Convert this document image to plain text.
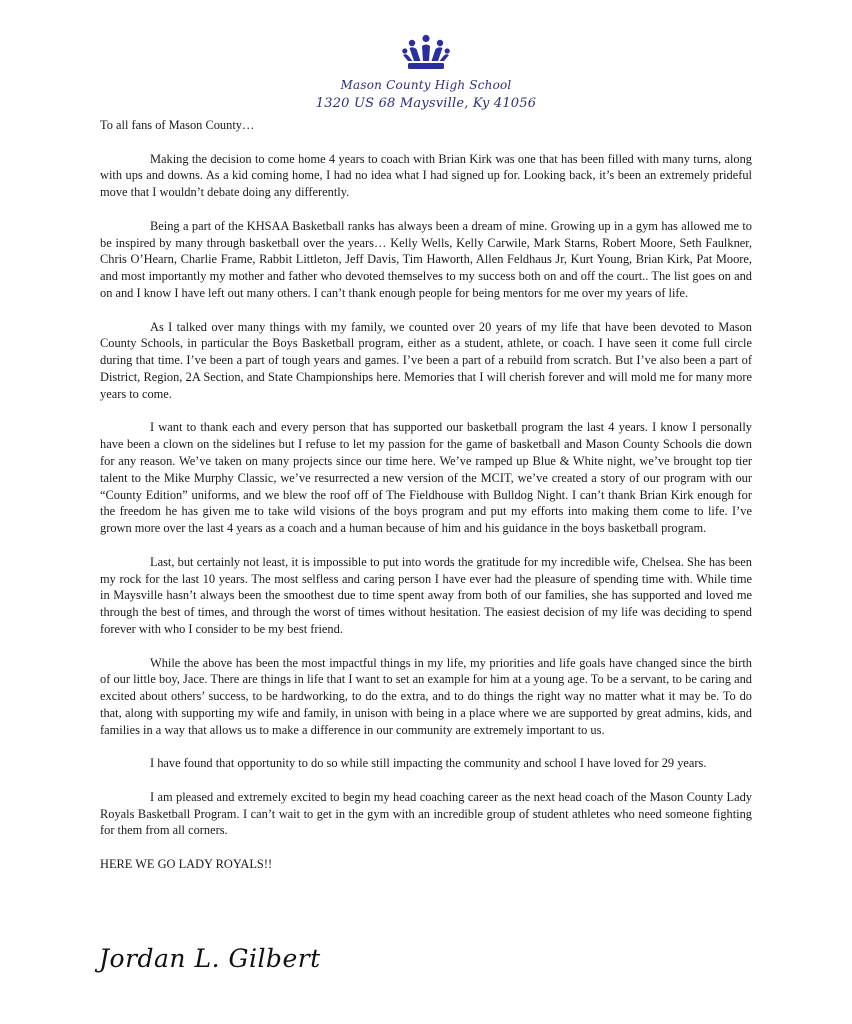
Mason County High School
1320 US 68 Maysville, Ky 41056

To all fans of Mason County…

Making the decision to come home 4 years to coach with Brian Kirk was one that has been filled with many turns, along with ups and downs. As a kid coming home, I had no idea what I had signed up for. Looking back, it’s been an extremely prideful move that I wouldn’t debate doing any differently.

Being a part of the KHSAA Basketball ranks has always been a dream of mine. Growing up in a gym has allowed me to be inspired by many through basketball over the years… Kelly Wells, Kelly Carwile, Mark Starns, Robert Moore, Seth Faulkner, Chris O’Hearn, Charlie Frame, Rabbit Littleton, Jeff Davis, Tim Haworth, Allen Feldhaus Jr, Kurt Young, Brian Kirk, Pat Moore, and most importantly my mother and father who devoted themselves to my success both on and off the court.. The list goes on and on and I know I have left out many others. I can’t thank enough people for being mentors for me over my years of life.

As I talked over many things with my family, we counted over 20 years of my life that have been devoted to Mason County Schools, in particular the Boys Basketball program, either as a student, athlete, or coach. I have seen it come full circle during that time. I’ve been a part of tough years and games. I’ve been a part of a rebuild from scratch. But I’ve also been a part of District, Region, 2A Section, and State Championships here. Memories that I will cherish forever and will mold me for many more years to come.

I want to thank each and every person that has supported our basketball program the last 4 years. I know I personally have been a clown on the sidelines but I refuse to let my passion for the game of basketball and Mason County Schools die down for any reason. We’ve taken on many projects since our time here. We’ve ramped up Blue & White night, we’ve brought top tier talent to the Mike Murphy Classic, we’ve resurrected a new version of the MCIT, we’ve created a story of our program with our “County Edition” uniforms, and we blew the roof off of The Fieldhouse with Bulldog Night. I can’t thank Brian Kirk enough for the freedom he has given me to take wild visions of the boys program and put my efforts into making them come to life. I’ve grown more over the last 4 years as a coach and a human because of him and his guidance in the boys basketball program.

Last, but certainly not least, it is impossible to put into words the gratitude for my incredible wife, Chelsea. She has been my rock for the last 10 years. The most selfless and caring person I have ever had the pleasure of spending time with. While time in Maysville hasn’t always been the smoothest due to time spent away from both of our families, she has supported and loved me through the best of times, and through the worst of times without hesitation. The easiest decision of my life was deciding to spend forever with who I consider to be my best friend.

While the above has been the most impactful things in my life, my priorities and life goals have changed since the birth of our little boy, Jace. There are things in life that I want to set an example for him at a young age. To be a servant, to be caring and excited about others’ success, to be hardworking, to do the extra, and to do things the right way no matter what it may be. To do that, along with supporting my wife and family, in unison with being in a place where we are supported by great admins, kids, and families in a way that allows us to make a difference in our community are extremely important to us.

I have found that opportunity to do so while still impacting the community and school I have loved for 29 years.

I am pleased and extremely excited to begin my head coaching career as the next head coach of the Mason County Lady Royals Basketball Program. I can’t wait to get in the gym with an incredible group of student athletes who need someone fighting for them from all corners.

HERE WE GO LADY ROYALS!!

Jordan L. Gilbert
